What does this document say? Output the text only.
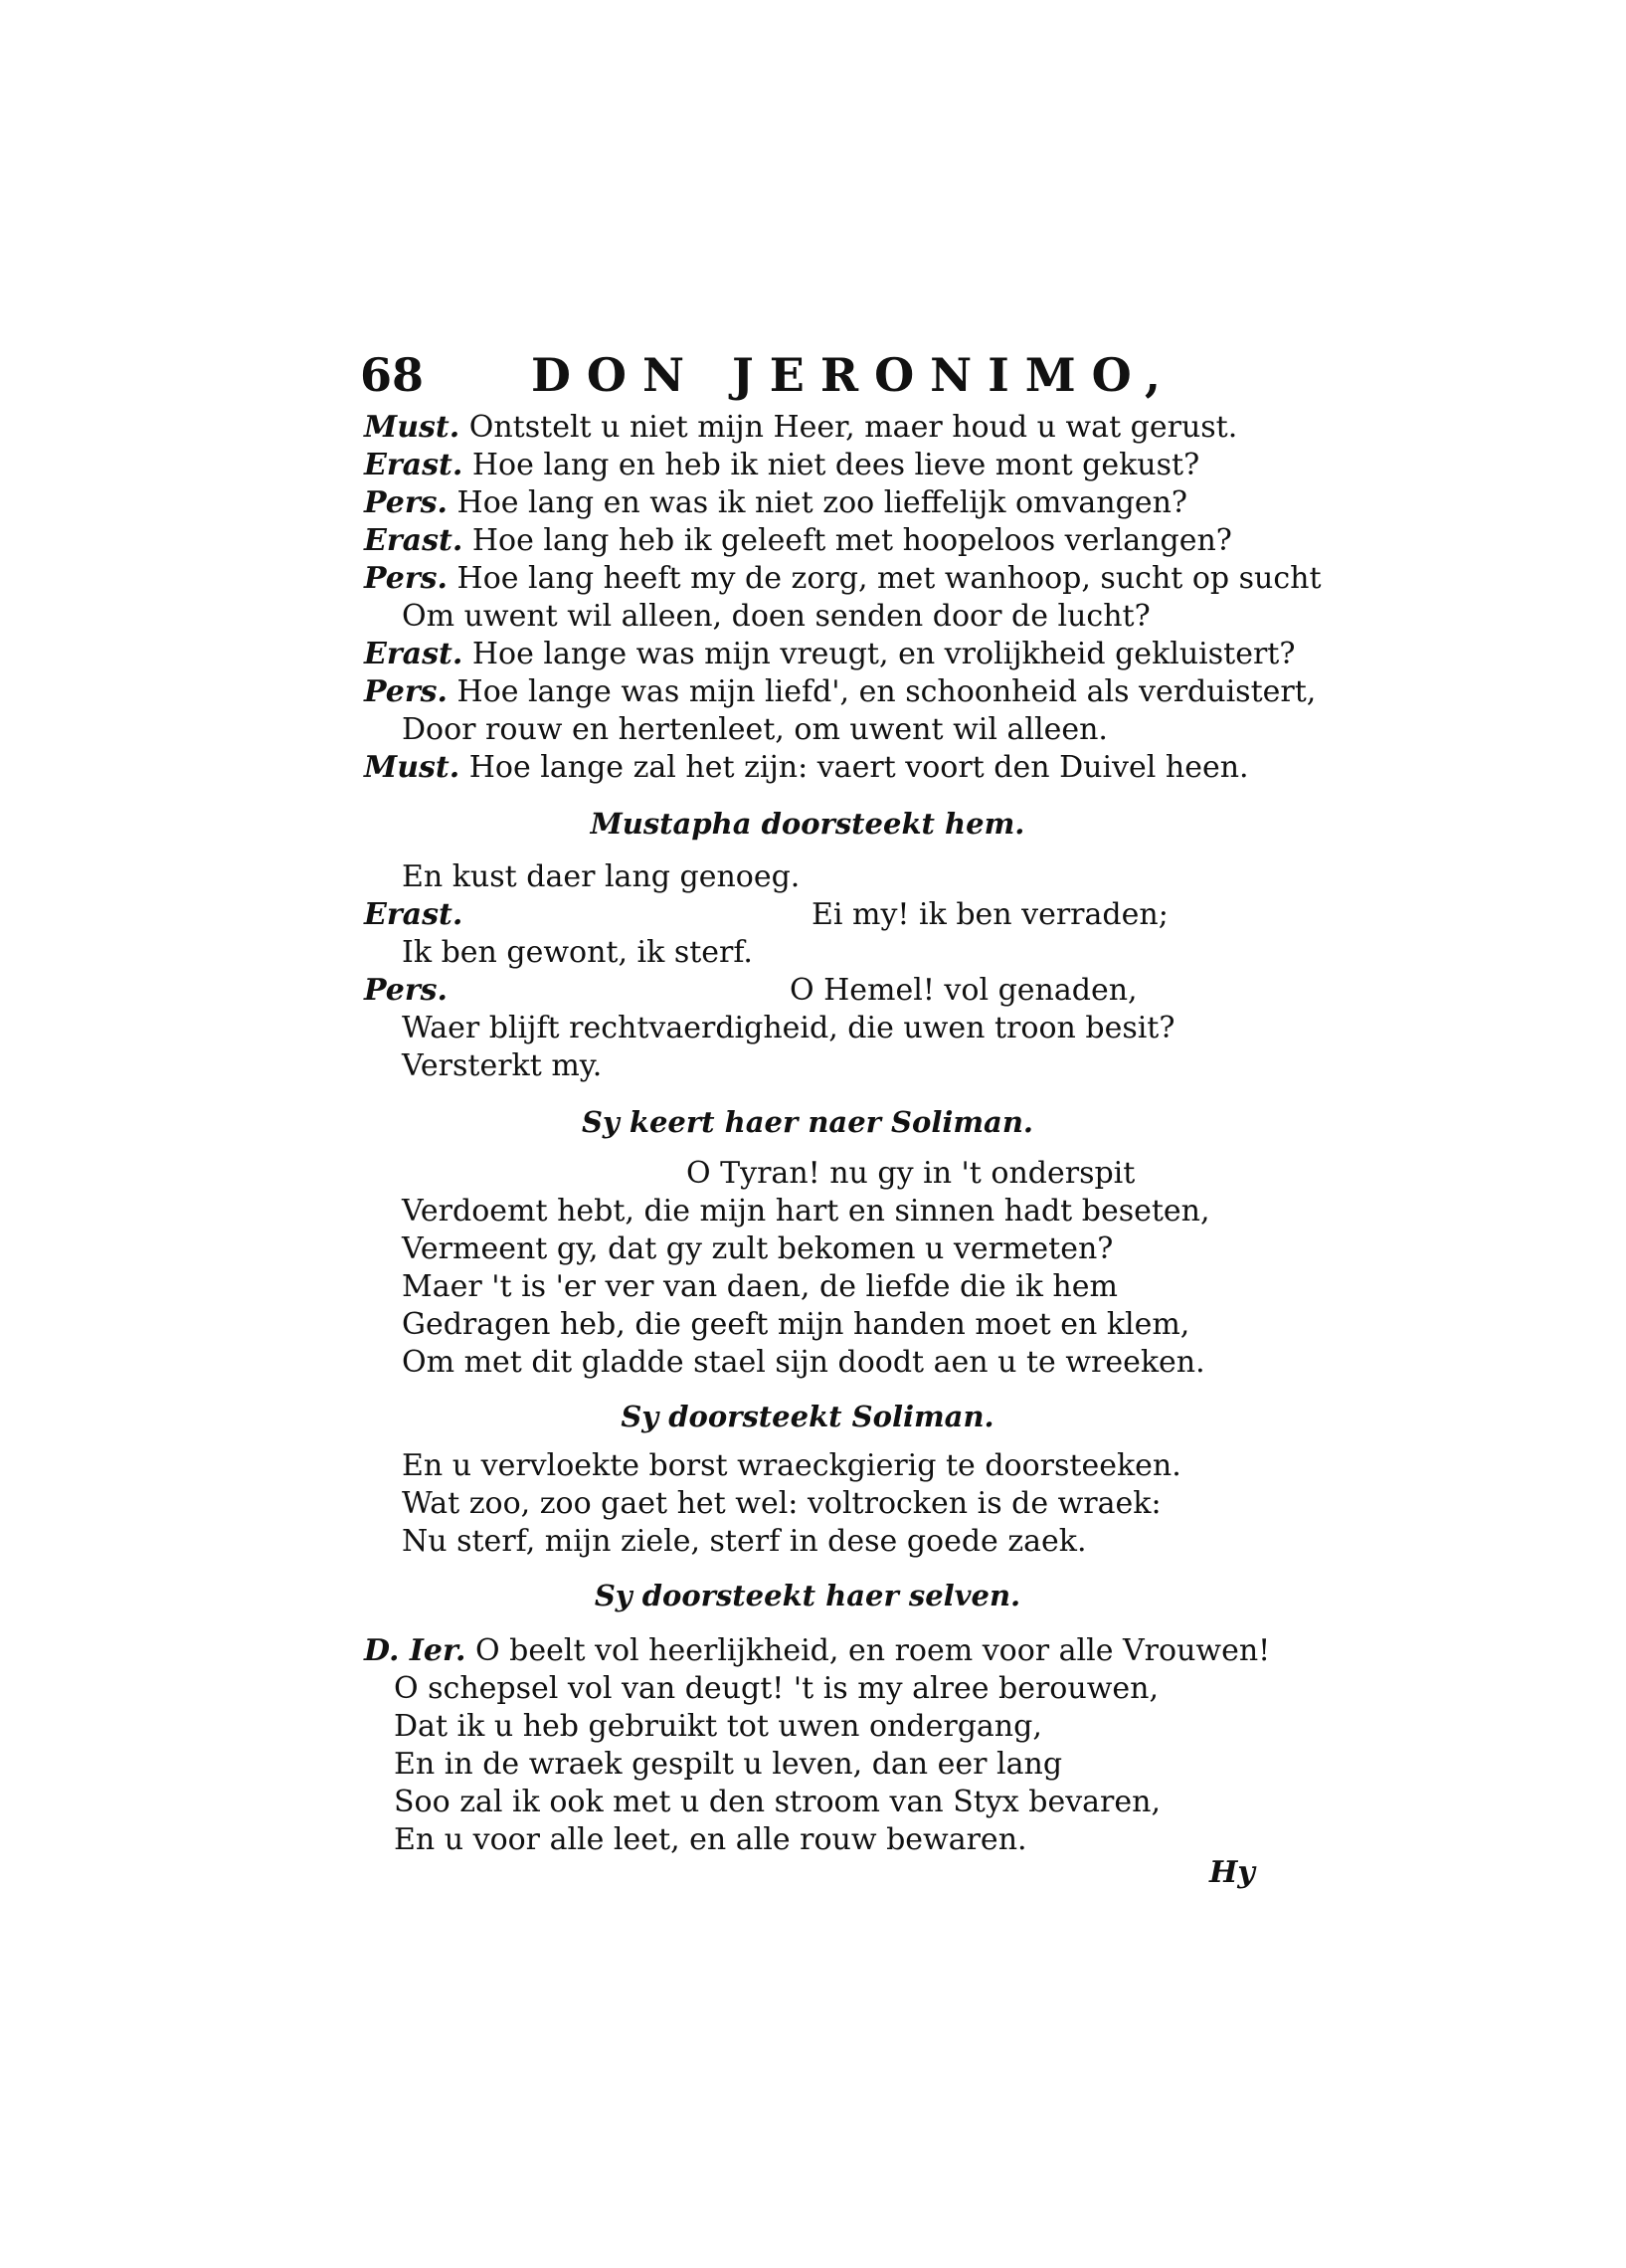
68 DON JERONIMO,
Must. Ontstelt u niet mijn Heer, maer houd u wat gerust.
Erast. Hoe lang en heb ik niet dees lieve mont gekust?
Pers. Hoe lang en was ik niet zoo lieffelijk omvangen?
Erast. Hoe lang heb ik geleeft met hoopeloos verlangen?
Pers. Hoe lang heeft my de zorg, met wanhoop, sucht op sucht
Om uwent wil alleen, doen senden door de lucht?
Erast. Hoe lange was mijn vreugt, en vrolijkheid gekluistert?
Pers. Hoe lange was mijn liefd', en schoonheid als verduistert,
Door rouw en hertenleet, om uwent wil alleen.
Must. Hoe lange zal het zijn: vaert voort den Duivel heen.
Mustapha doorsteekt hem.
En kust daer lang genoeg.
Erast.	Ei my! ik ben verraden;
Ik ben gewont, ik sterf.
Pers.	O Hemel! vol genaden,
Waer blijft rechtvaerdigheid, die uwen troon besit?
Versterkt my.
Sy keert haer naer Soliman.
O Tyran! nu gy in 't onderspit
Verdoemt hebt, die mijn hart en sinnen hadt beseten,
Vermeent gy, dat gy zult bekomen u vermeten?
Maer 't is 'er ver van daen, de liefde die ik hem
Gedragen heb, die geeft mijn handen moet en klem,
Om met dit gladde stael sijn doodt aen u te wreeken.
Sy doorsteekt Soliman.
En u vervloekte borst wraeckgierig te doorsteeken.
Wat zoo, zoo gaet het wel: voltrocken is de wraek:
Nu sterf, mijn ziele, sterf in dese goede zaek.
Sy doorsteekt haer selven.
D. Ier. O beelt vol heerlijkheid, en roem voor alle Vrouwen!
O schepsel vol van deugt! 't is my alree berouwen,
Dat ik u heb gebruikt tot uwen ondergang,
En in de wraek gespilt u leven, dan eer lang
Soo zal ik ook met u den stroom van Styx bevaren,
En u voor alle leet, en alle rouw bewaren.
Hy
